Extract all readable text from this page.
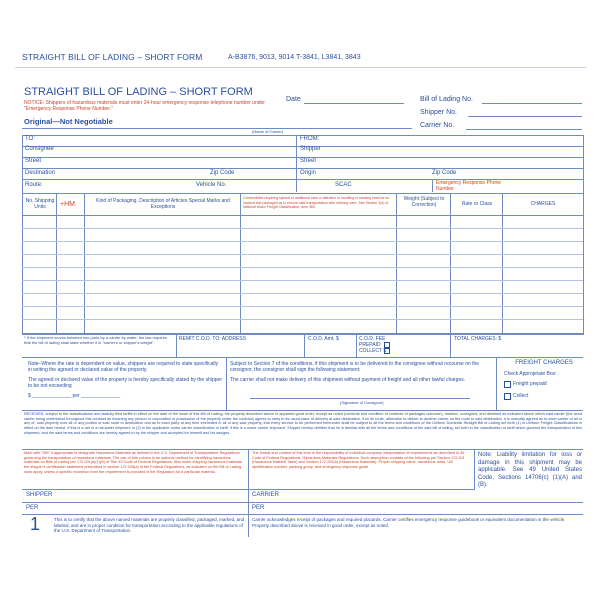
STRAIGHT BILL OF LADING – SHORT FORM	A-B3876, 9013, 9014 T-3841, L3841, 3843
STRAIGHT BILL OF LADING – SHORT FORM
NOTICE: Shippers of hazardous materials must enter 24-hour emergency response telephone number under "Emergency Response Phone Number."
Original—Not Negotiable
Date	Bill of Lading No.
Shipper No.
Carrier No.
(Name of Carrier)
TO:
Consignee
Street
Destination	Zip Code
Route:	Vehicle No.
FROM:
Shipper
Street
Origin	Zip Code
SCAC	Emergency Response Phone Number
No. Shipping Units	+HM	Kind of Packaging, Description of Articles Special Marks and Exceptions
Commodities requiring special or additional care or attention in handling or stowing must be so marked and packaged as to ensure safe transportation with ordinary care. See Section 2(e) of National Motor Freight Classification, Item 360.
Weight (Subject to Correction)	Rate or Class	CHARGES
* If the shipment moves between two ports by a carrier by water, the law requires that the bill of lading shall state whether it is "carrier's or shipper's weight".
REMIT C.O.D. TO: ADDRESS	C.O.D. Amt. $	C.O.D. FEE PREPAID COLLECT $
TOTAL CHARGES: $
Note–Where the rate is dependent on value, shippers are required to state specifically in writing the agreed or declared value of the property.
The agreed or declared value of the property is hereby specifically stated by the shipper to be not exceeding
$ ______________ per ______________
Subject to Section 7 of the conditions, if this shipment is to be delivered to the consignee without recourse on the consignor, the consignor shall sign the following statement:
The carrier shall not make delivery of this shipment without payment of freight and all other lawful charges.
(Signature of Consignor)
FREIGHT CHARGES
Check Appropriate Box:
Freight prepaid
Collect
RECEIVED, subject to the classifications and lawfully filed tariffs in effect on the date of the issue of this Bill of Lading, the property described above in apparent good order, except as noted (contents and condition of contents of packages unknown), marked, consigned, and destined as indicated above which said carrier (the word carrier being understood throughout this contract as meaning any person or corporation in possession of the property under the contract) agrees to carry to its usual place of delivery at said destination, if on its route, otherwise to deliver to another carrier on the route to said destination. It is mutually agreed as to each carrier of all or any of, said property over all or any portion of said route to destination and as to each party at any time interested in all or any said property, that every service to be performed hereunder shall be subject to all the terms and conditions of the Uniform Domestic Straight Bill of Lading set forth (1) in Uniform Freight Classifications in effect on the date hereof, if this is a rail or a rail-water shipment or (2) in the applicable motor carrier classification or tariff, if this is a motor carrier shipment. Shipper hereby certifies that he is familiar with all the terms and conditions of the said bill of lading, set forth in the classification or tariff which governs the transportation of this shipment, and the said terms and conditions are hereby agreed to by the shipper and accepted for himself and his assigns.
Mark with "HM" if appropriate to designate Hazardous Materials as defined in the U.S. Department of Transportation Regulations governing the transportation of hazardous materials. The use of this column is an optional method for identifying hazardous materials on Bills of Lading per 172.201(a)(1)(iii) of Title 49 Code of Federal Regulations. Also when shipping hazardous materials, the shipper's certification statement prescribed in section 172.204(a) of the Federal Regulations, as indicated on the Bill of Lading does apply, unless a specific exception from the requirement is provided in the Regulation for a particular material.
The format and content of this form is the responsibility of individual company interpretation of requirements as described in 49 Code of Federal Regulations, Hazardous Materials Regulations. Such description consists of the following per Section 172.201 (Hazardous Material Table) and Section 172.202(a) (Hazardous Materials). Proper shipping name, hazardous class, UN identification number, packing group, and emergency response guide.
Note: Liability limitation for loss or damage in this shipment may be applicable. See 49 United States Code, Sections 14706(c) (1)(A) and (B).
SHIPPER
PER
CARRIER
PER
1	This is to certify that the above named materials are properly classified, packaged, marked, and labeled, and are in proper condition for transportation according to the applicable regulations of the U.S. Department of Transportation.
Carrier acknowledges receipt of packages and required placards. Carrier certifies emergency response guidebook or equivalent documentation in the vehicle. Property described above is received in good order, except as noted.
